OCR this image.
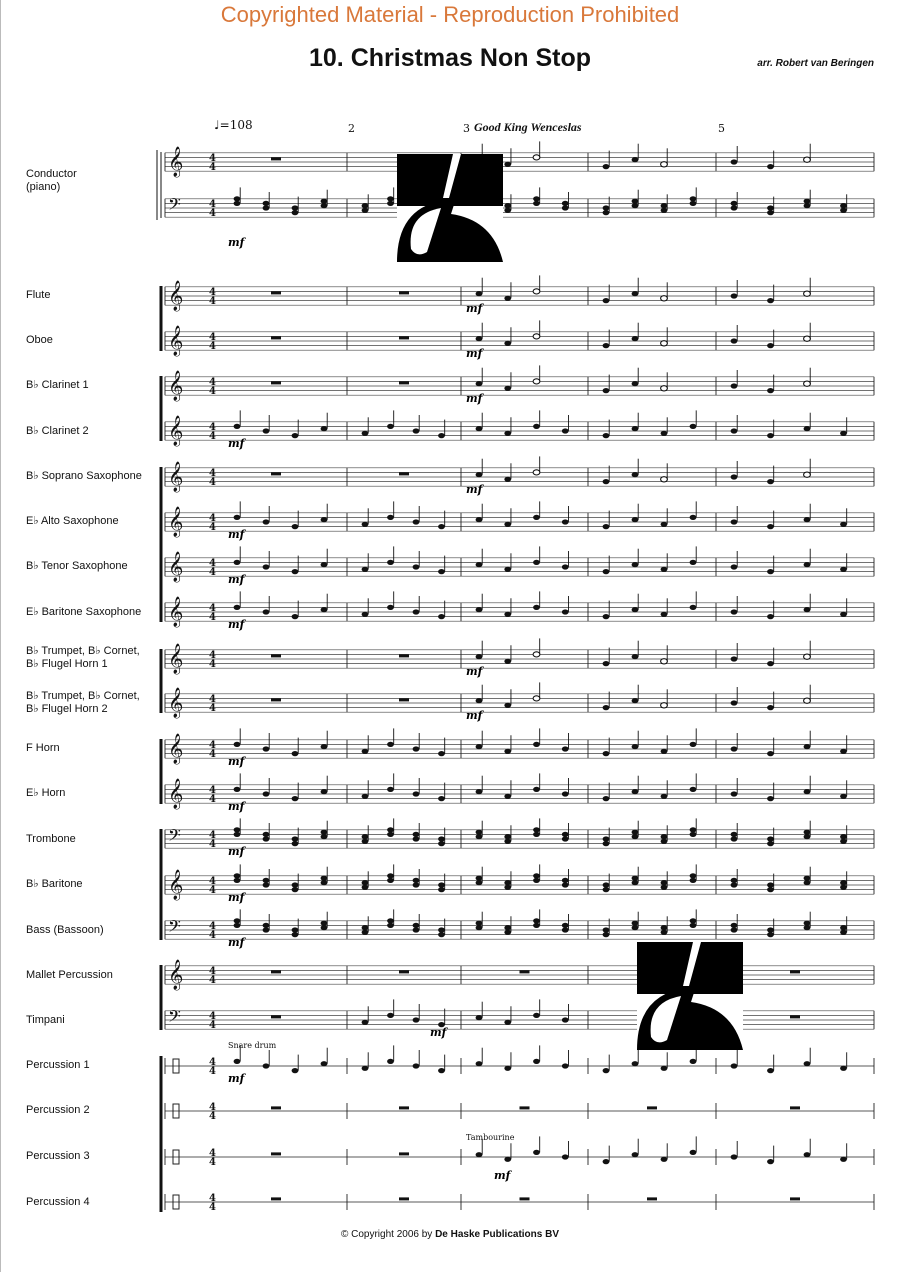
Copyrighted Material - Reproduction Prohibited
10. Christmas Non Stop	arr. Robert van Beringen
♩=108	2	3 Good King Wenceslas	5
𝄞	4
4
𝄢	4
4
𝄞	4
4
𝄞	4
4
𝄞	4
4
𝄞	4
4
𝄞	4
4
𝄞	4
4
𝄞	4
4
𝄞	4
4
𝄞	4
4
𝄞	4
4
𝄞	4
4
𝄞	4
4
𝄢	4
4
𝄞	4
4
𝄢	4
4
𝄞	4
4
𝄢	4
4
4
4
4
4
4
4
4
4
mf
mf
mf
mf
mf
mf
mf
mf
mf
mf
mf
mf
mf
mf
mf
mf
mf
mf
mf
Conductor
(piano)
Flute
Oboe
B♭ Clarinet 1
B♭ Clarinet 2
B♭ Soprano Saxophone
E♭ Alto Saxophone
B♭ Tenor Saxophone
E♭ Baritone Saxophone
B♭ Trumpet, B♭ Cornet,
B♭ Flugel Horn 1
B♭ Trumpet, B♭ Cornet,
B♭ Flugel Horn 2
F Horn
E♭ Horn
Trombone
B♭ Baritone
Bass (Bassoon)
Mallet Percussion
Timpani
Percussion 1
Percussion 2
Percussion 3
Percussion 4
Snare drum
Tambourine
© Copyright 2006 by De Haske Publications BV
